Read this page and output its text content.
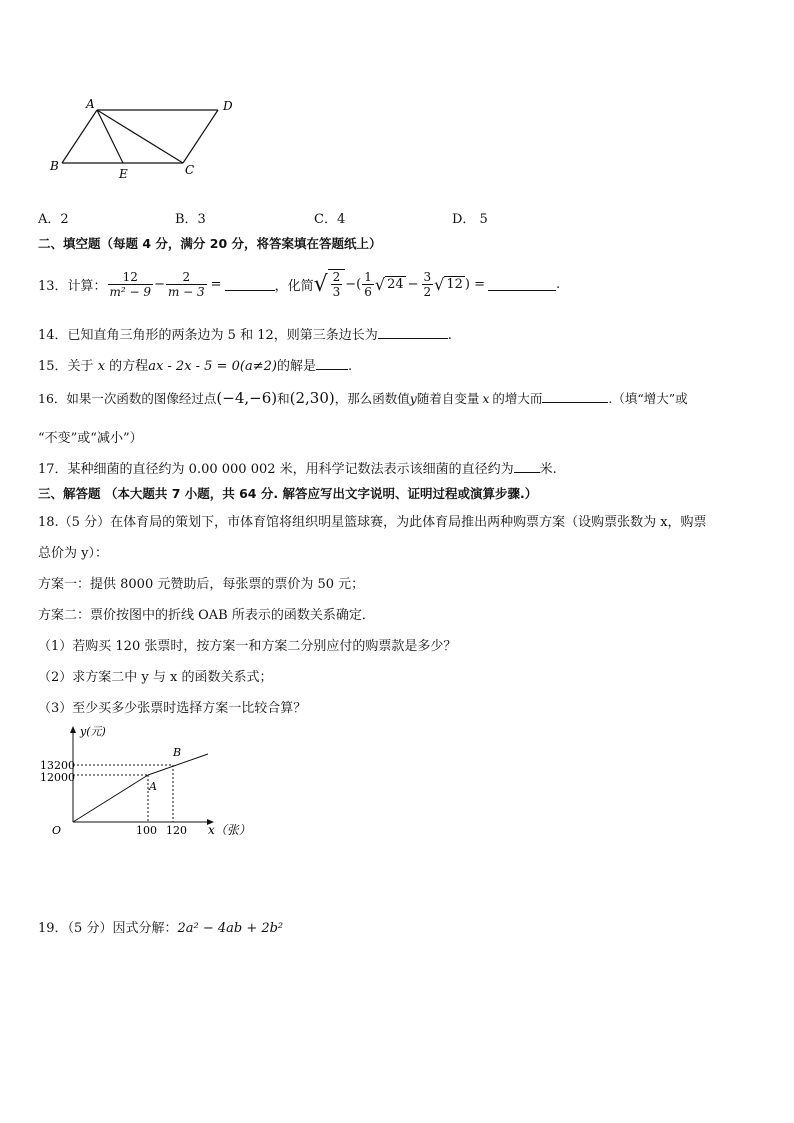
A	D
B	C
E
A．2	B．3	C．4	D． 5
二、填空题（每题 4 分，满分 20 分，将答案填在答题纸上）
13．计算： $\frac{12}{\text{m² − 9}} - \frac{2}{m - 3}$ =	，化简 √ $\frac{2}{3}$ −( $\frac{1}{6}$ √ $24 - \frac{3}{2}$ √ 12 ) =	.
14．已知直角三角形的两条边为 5 和 12，则第三条边长为	.
15．关于 x 的方程ax - 2x - 5 = 0(a≠2)的解是 .
16．如果一次函数的图像经过点(−4,−6)和(2,30)，那么函数值y随着自变量 x 的增大而	.（填“增大”或
“不变”或“减小”）
17．某种细菌的直径约为 0.00 000 002 米，用科学记数法表示该细菌的直径约为 米.
三、解答题 （本大题共 7 小题，共 64 分. 解答应写出文字说明、证明过程或演算步骤.）
18.（5 分）在体育局的策划下，市体育馆将组织明星篮球赛，为此体育局推出两种购票方案（设购票张数为 x，购票
总价为 y）：
方案一：提供 8000 元赞助后，每张票的票价为 50 元；
方案二：票价按图中的折线 OAB 所表示的函数关系确定．
（1）若购买 120 张票时，按方案一和方案二分别应付的购票款是多少？
（2）求方案二中 y 与 x 的函数关系式；
（3）至少买多少张票时选择方案一比较合算？
y(元)
x（张）
O
13200
12000
100 120
A
B
19．（5 分）因式分解：2a² − 4ab + 2b²
